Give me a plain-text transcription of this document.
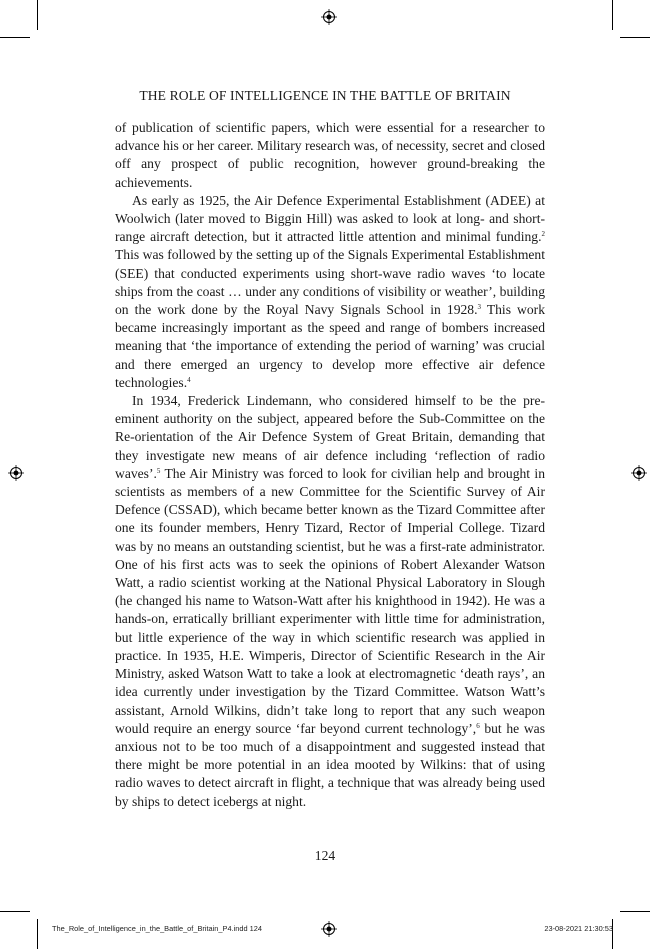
THE ROLE OF INTELLIGENCE IN THE BATTLE OF BRITAIN

of publication of scientific papers, which were essential for a researcher to advance his or her career. Military research was, of necessity, secret and closed off any prospect of public recognition, however ground-breaking the achievements.

As early as 1925, the Air Defence Experimental Establishment (ADEE) at Woolwich (later moved to Biggin Hill) was asked to look at long- and short-range aircraft detection, but it attracted little attention and minimal funding.$^2$ This was followed by the setting up of the Signals Experimental Establishment (SEE) that conducted experiments using short-wave radio waves ‘to locate ships from the coast … under any conditions of visibility or weather’, building on the work done by the Royal Navy Signals School in 1928.$^3$ This work became increasingly important as the speed and range of bombers increased meaning that ‘the importance of extending the period of warning’ was crucial and there emerged an urgency to develop more effective air defence technologies.$^4$

In 1934, Frederick Lindemann, who considered himself to be the pre-eminent authority on the subject, appeared before the Sub-Committee on the Re-orientation of the Air Defence System of Great Britain, demanding that they investigate new means of air defence including ‘reflection of radio waves’.$^5$ The Air Ministry was forced to look for civilian help and brought in scientists as members of a new Committee for the Scientific Survey of Air Defence (CSSAD), which became better known as the Tizard Committee after one its founder members, Henry Tizard, Rector of Imperial College. Tizard was by no means an outstanding scientist, but he was a first-rate administrator. One of his first acts was to seek the opinions of Robert Alexander Watson Watt, a radio scientist working at the National Physical Laboratory in Slough (he changed his name to Watson-Watt after his knighthood in 1942). He was a hands-on, erratically brilliant experimenter with little time for administration, but little experience of the way in which scientific research was applied in practice. In 1935, H.E. Wimperis, Director of Scientific Research in the Air Ministry, asked Watson Watt to take a look at electromagnetic ‘death rays’, an idea currently under investigation by the Tizard Committee. Watson Watt’s assistant, Arnold Wilkins, didn’t take long to report that any such weapon would require an energy source ‘far beyond current technology’,$^6$ but he was anxious not to be too much of a disappointment and suggested instead that there might be more potential in an idea mooted by Wilkins: that of using radio waves to detect aircraft in flight, a technique that was already being used by ships to detect icebergs at night.

124
The_Role_of_Intelligence_in_the_Battle_of_Britain_P4.indd 124	23-08-2021 21:30:53
